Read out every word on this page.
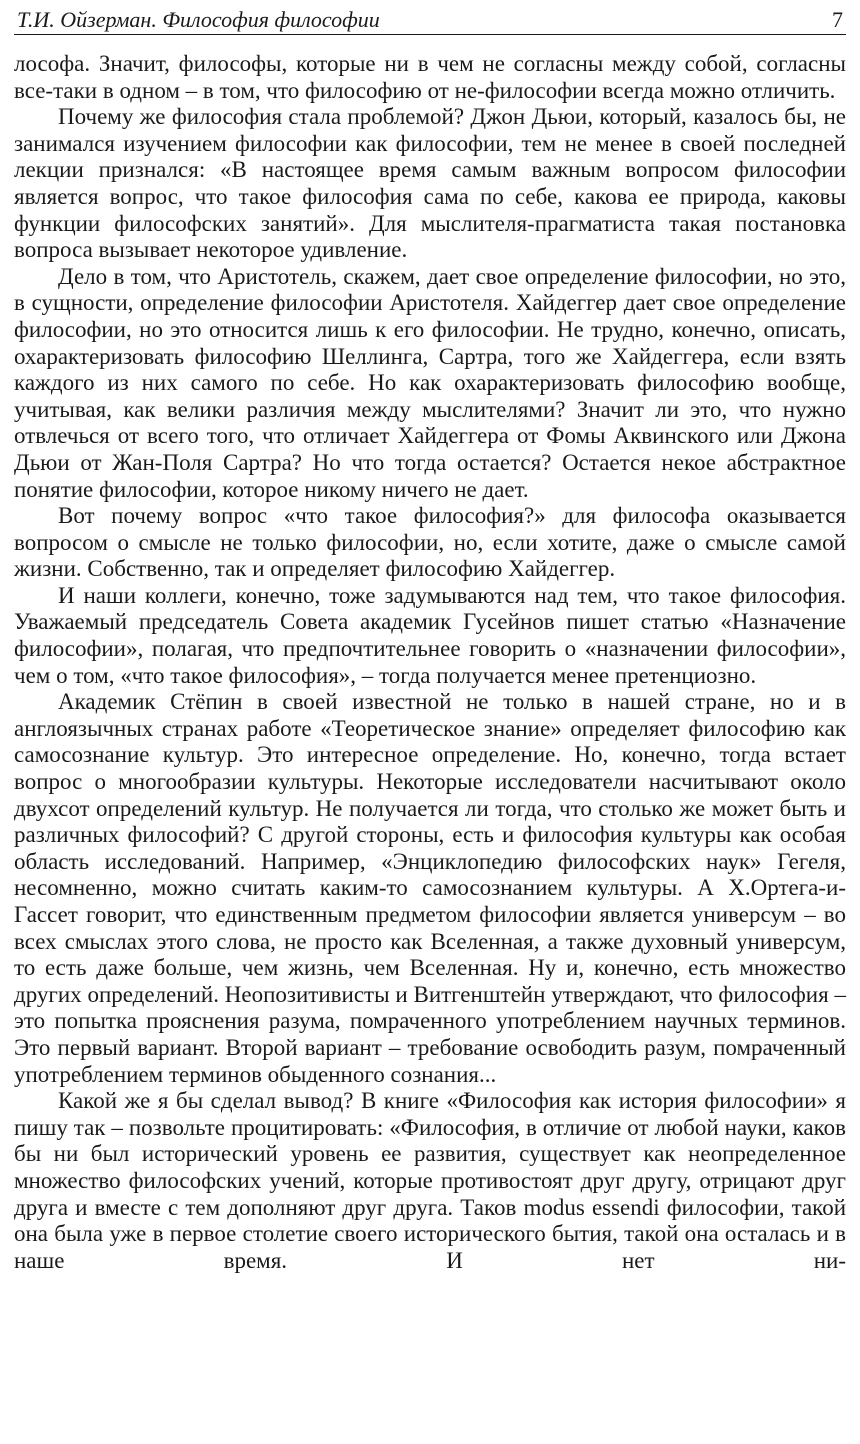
Т.И. Ойзерман. Философия философии	7

лософа. Значит, философы, которые ни в чем не согласны между собой, согласны все-таки в одном – в том, что философию от не-философии всегда можно отличить.

Почему же философия стала проблемой? Джон Дьюи, который, казалось бы, не занимался изучением философии как философии, тем не менее в своей последней лекции признался: «В настоящее время самым важным вопросом философии является вопрос, что такое философия сама по себе, какова ее природа, каковы функции философских занятий». Для мыслителя-прагматиста такая постановка вопроса вызывает некоторое удивление.

Дело в том, что Аристотель, скажем, дает свое определение философии, но это, в сущности, определение философии Аристотеля. Хайдеггер дает свое определение философии, но это относится лишь к его философии. Не трудно, конечно, описать, охарактеризовать философию Шеллинга, Сартра, того же Хайдеггера, если взять каждого из них самого по себе. Но как охарактеризовать философию вообще, учитывая, как велики различия между мыслителями? Значит ли это, что нужно отвлечься от всего того, что отличает Хайдеггера от Фомы Аквинского или Джона Дьюи от Жан-Поля Сартра? Но что тогда остается? Остается некое абстрактное понятие философии, которое никому ничего не дает.

Вот почему вопрос «что такое философия?» для философа оказывается вопросом о смысле не только философии, но, если хотите, даже о смысле самой жизни. Собственно, так и определяет философию Хайдеггер.

И наши коллеги, конечно, тоже задумываются над тем, что такое философия. Уважаемый председатель Совета академик Гусейнов пишет статью «Назначение философии», полагая, что предпочтительнее говорить о «назначении философии», чем о том, «что такое философия», – тогда получается менее претенциозно.

Академик Стёпин в своей известной не только в нашей стране, но и в англоязычных странах работе «Теоретическое знание» определяет философию как самосознание культур. Это интересное определение. Но, конечно, тогда встает вопрос о многообразии культуры. Некоторые исследователи насчитывают около двухсот определений культур. Не получается ли тогда, что столько же может быть и различных философий? С другой стороны, есть и философия культуры как особая область исследований. Например, «Энциклопедию философских наук» Гегеля, несомненно, можно считать каким-то самосознанием культуры. А Х.Ортега-и-Гассет говорит, что единственным предметом философии является универсум – во всех смыслах этого слова, не просто как Вселенная, а также духовный универсум, то есть даже больше, чем жизнь, чем Вселенная. Ну и, конечно, есть множество других определений. Неопозитивисты и Витгенштейн утверждают, что философия – это попытка прояснения разума, помраченного употреблением научных терминов. Это первый вариант. Второй вариант – требование освободить разум, помраченный употреблением терминов обыденного сознания...

Какой же я бы сделал вывод? В книге «Философия как история философии» я пишу так – позвольте процитировать: «Философия, в отличие от любой науки, каков бы ни был исторический уровень ее развития, существует как неопределенное множество философских учений, которые противостоят друг другу, отрицают друг друга и вместе с тем дополняют друг друга. Таков modus essendi философии, такой она была уже в первое столетие своего исторического бытия, такой она осталась и в наше время. И нет ни-
